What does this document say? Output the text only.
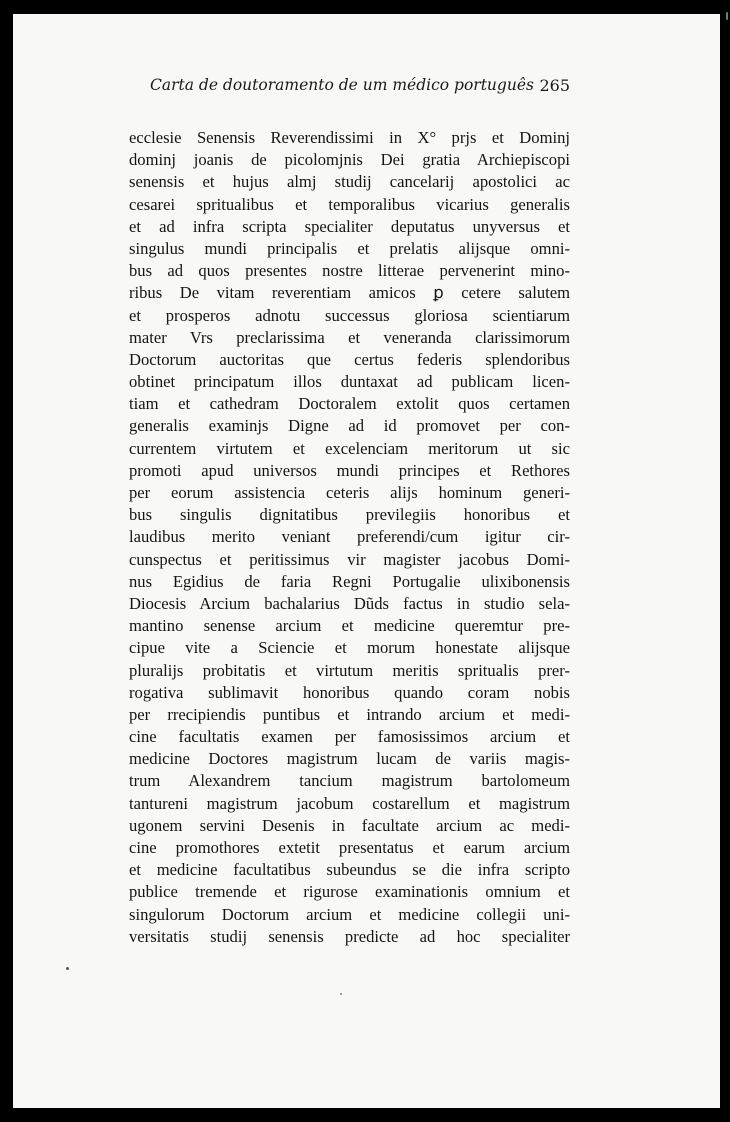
Carta de doutoramento de um médico português 265
ecclesie Senensis Reverendissimi in X° prjs et Dominj
dominj joanis de picolomjnis Dei gratia Archiepiscopi
senensis et hujus almj studij cancelarij apostolici ac
cesarei spritualibus et temporalibus vicarius generalis
et ad infra scripta specialiter deputatus unyversus et
singulus mundi principalis et prelatis alijsque omni-
bus ad quos presentes nostre litterae pervenerint mino-
ribus De vitam reverentiam amicos ꝑ cetere salutem
et prosperos adnotu successus gloriosa scientiarum
mater Vrs preclarissima et veneranda clarissimorum
Doctorum auctoritas que certus federis splendoribus
obtinet principatum illos duntaxat ad publicam licen-
tiam et cathedram Doctoralem extolit quos certamen
generalis examinjs Digne ad id promovet per con-
currentem virtutem et excelenciam meritorum ut sic
promoti apud universos mundi principes et Rethores
per eorum assistencia ceteris alijs hominum generi-
bus singulis dignitatibus previlegiis honoribus et
laudibus merito veniant preferendi/cum igitur cir-
cunspectus et peritissimus vir magister jacobus Domi-
nus Egidius de faria Regni Portugalie ulixibonensis
Diocesis Arcium bachalarius Dũds factus in studio sela-
mantino senense arcium et medicine queremtur pre-
cipue vite a Sciencie et morum honestate alijsque
pluralijs probitatis et virtutum meritis spritualis prer-
rogativa sublimavit honoribus quando coram nobis
per rrecipiendis puntibus et intrando arcium et medi-
cine facultatis examen per famosissimos arcium et
medicine Doctores magistrum lucam de variis magis-
trum Alexandrem tancium magistrum bartolomeum
tantureni magistrum jacobum costarellum et magistrum
ugonem servini Desenis in facultate arcium ac medi-
cine promothores extetit presentatus et earum arcium
et medicine facultatibus subeundus se die infra scripto
publice tremende et rigurose examinationis omnium et
singulorum Doctorum arcium et medicine collegii uni-
versitatis studij senensis predicte ad hoc specialiter
